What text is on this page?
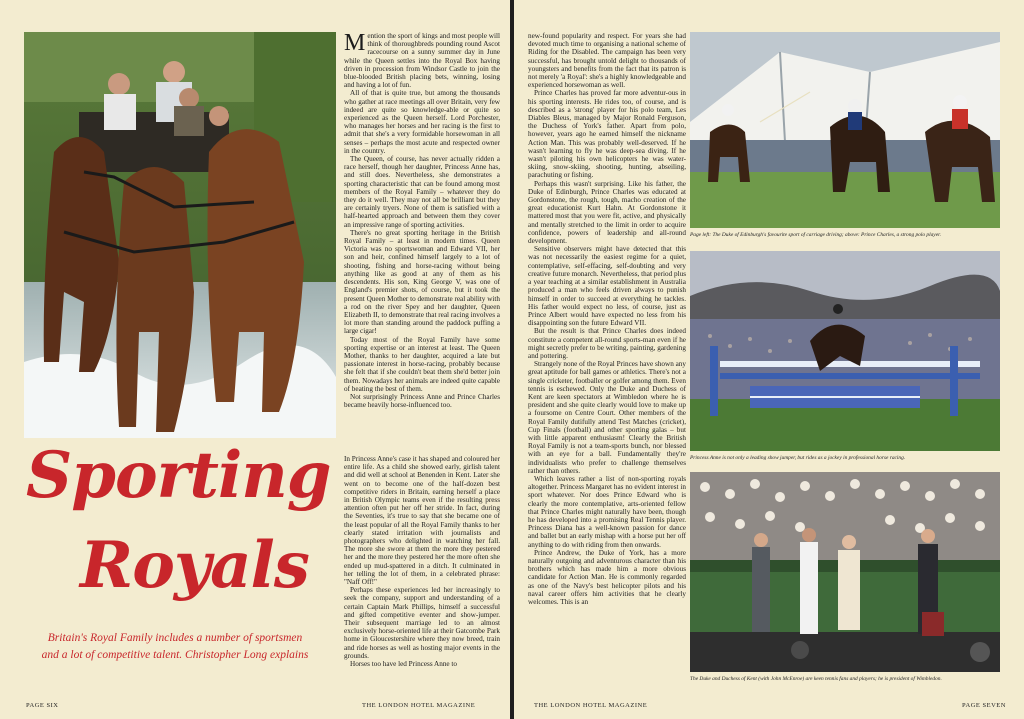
Mention the sport of kings and most people will think of thoroughbreds pounding round Ascot racecourse on a sunny summer day in June while the Queen settles into the Royal Box having driven in procession from Windsor Castle to join the blue-blooded British placing bets, winning, losing and having a lot of fun.

All of that is quite true, but among the thousands who gather at race meetings all over Britain, very few indeed are quite so knowledge-able or quite so experienced as the Queen herself. Lord Porchester, who manages her horses and her racing is the first to admit that she's a very formidable horsewoman in all senses – perhaps the most acute and respected owner in the country.

The Queen, of course, has never actually ridden a race herself, though her daughter, Princess Anne has, and still does. Nevertheless, she demonstrates a sporting characteristic that can be found among most members of the Royal Family – whatever they do they do it well. They may not all be brilliant but they are certainly tryers. None of them is satisfied with a half-hearted approach and between them they cover an impressive range of sporting activities.

There's no great sporting heritage in the British Royal Family – at least in modern times. Queen Victoria was no sportswoman and Edward VII, her son and heir, confined himself largely to a lot of shooting, fishing and horse-racing without being anything like as good at any of them as his descendents. His son, King George V, was one of England's premier shots, of course, but it took the present Queen Mother to demonstrate real ability with a rod on the river Spey and her daughter, Queen Elizabeth II, to demonstrate that real racing involves a lot more than standing around the paddock puffing a large cigar!

Today most of the Royal Family have some sporting expertise or an interest at least. The Queen Mother, thanks to her daughter, acquired a late but passionate interest in horse-racing, probably because she felt that if she couldn't beat them she'd better join them. Nowadays her animals are indeed quite capable of beating the best of them.

Not surprisingly Princess Anne and Prince Charles became heavily horse-influenced too.

In Princess Anne's case it has shaped and coloured her entire life. As a child she showed early, girlish talent and did well at school at Benenden in Kent. Later she went on to become one of the half-dozen best competitive riders in Britain, earning herself a place in British Olympic teams even if the resulting press attention often put her off her stride. In fact, during the Seventies, it's true to say that she became one of the least popular of all the Royal Family thanks to her clearly stated irritation with journalists and photographers who delighted in watching her fall. The more she swore at them the more they pestered her and the more they pestered her the more often she ended up mud-spattered in a ditch. It culminated in her telling the lot of them, in a celebrated phrase: "Naff Off!"

Perhaps these experiences led her increasingly to seek the company, support and understanding of a certain Captain Mark Phillips, himself a successful and gifted competitive eventer and show-jumper. Their subsequent marriage led to an almost exclusively horse-oriented life at their Gatcombe Park home in Gloucestershire where they now breed, train and ride horses as well as hosting major events in the grounds.

Horses too have led Princess Anne to

Sporting
Royals
Britain's Royal Family includes a number of sportsmen and a lot of competitive talent. Christopher Long explains
PAGE SIX	THE LONDON HOTEL MAGAZINE

new-found popularity and respect. For years she had devoted much time to organising a national scheme of Riding for the Disabled. The campaign has been very successful, has brought untold delight to thousands of youngsters and benefits from the fact that its patron is not merely 'a Royal': she's a highly knowledgeable and experienced horsewoman as well.

Prince Charles has proved far more adventur-ous in his sporting interests. He rides too, of course, and is described as a 'strong' player for his polo team, Les Diables Bleus, managed by Major Ronald Ferguson, the Duchess of York's father. Apart from polo, however, years ago he earned himself the nickname Action Man. This was probably well-deserved. If he wasn't learning to fly he was deep-sea diving. If he wasn't piloting his own helicopters he was water-skiing, snow-skiing, shooting, hunting, abseiling, parachuting or fishing.

Perhaps this wasn't surprising. Like his father, the Duke of Edinburgh, Prince Charles was educated at Gordonstone, the rough, tough, macho creation of the great educationist Kurt Hahn. At Gordonstone it mattered most that you were fit, active, and physically and mentally stretched to the limit in order to acquire confidence, powers of leadership and all-round development.

Sensitive observers might have detected that this was not necessarily the easiest regime for a quiet, contemplative, self-effacing, self-doubting and very creative future monarch. Nevertheless, that period plus a year teaching at a similar establishment in Australia produced a man who feels driven always to punish himself in order to succeed at everything he tackles. His father would expect no less, of course, just as Prince Albert would have expected no less from his disappointing son the future Edward VII.

But the result is that Prince Charles does indeed constitute a competent all-round sports-man even if he might secretly prefer to be writing, painting, gardening and pottering.

Strangely none of the Royal Princes have shown any great aptitude for ball games or athletics. There's not a single cricketer, footballer or golfer among them. Even tennis is eschewed. Only the Duke and Duchess of Kent are keen spectators at Wimbledon where he is president and she quite clearly would love to make up a foursome on Centre Court. Other members of the Royal Family dutifully attend Test Matches (cricket), Cup Finals (football) and other sporting galas – but with little apparent enthusiasm! Clearly the British Royal Family is not a team-sports bunch, nor blessed with an eye for a ball. Fundamentally they're individualists who prefer to challenge themselves rather than others.

Which leaves rather a list of non-sporting royals altogether. Princess Margaret has no evident interest in sport whatever. Nor does Prince Edward who is clearly the more contemplative, arts-oriented fellow that Prince Charles might naturally have been, though he has developed into a promising Real Tennis player. Princess Diana has a well-known passion for dance and ballet but an early mishap with a horse put her off anything to do with riding from then onwards.

Prince Andrew, the Duke of York, has a more naturally outgoing and adventurous character than his brothers which has made him a more obvious candidate for Action Man. He is commonly regarded as one of the Navy's best helicopter pilots and his naval career offers him activities that he clearly welcomes. This is an

Page left: The Duke of Edinburgh's favourite sport of carriage driving; above: Prince Charles, a strong polo player.
Princess Anne is not only a leading show jumper, but rides as a jockey in professional horse racing.
The Duke and Duchess of Kent (with John McEnroe) are keen tennis fans and players; he is president of Wimbledon.
THE LONDON HOTEL MAGAZINE	PAGE SEVEN
